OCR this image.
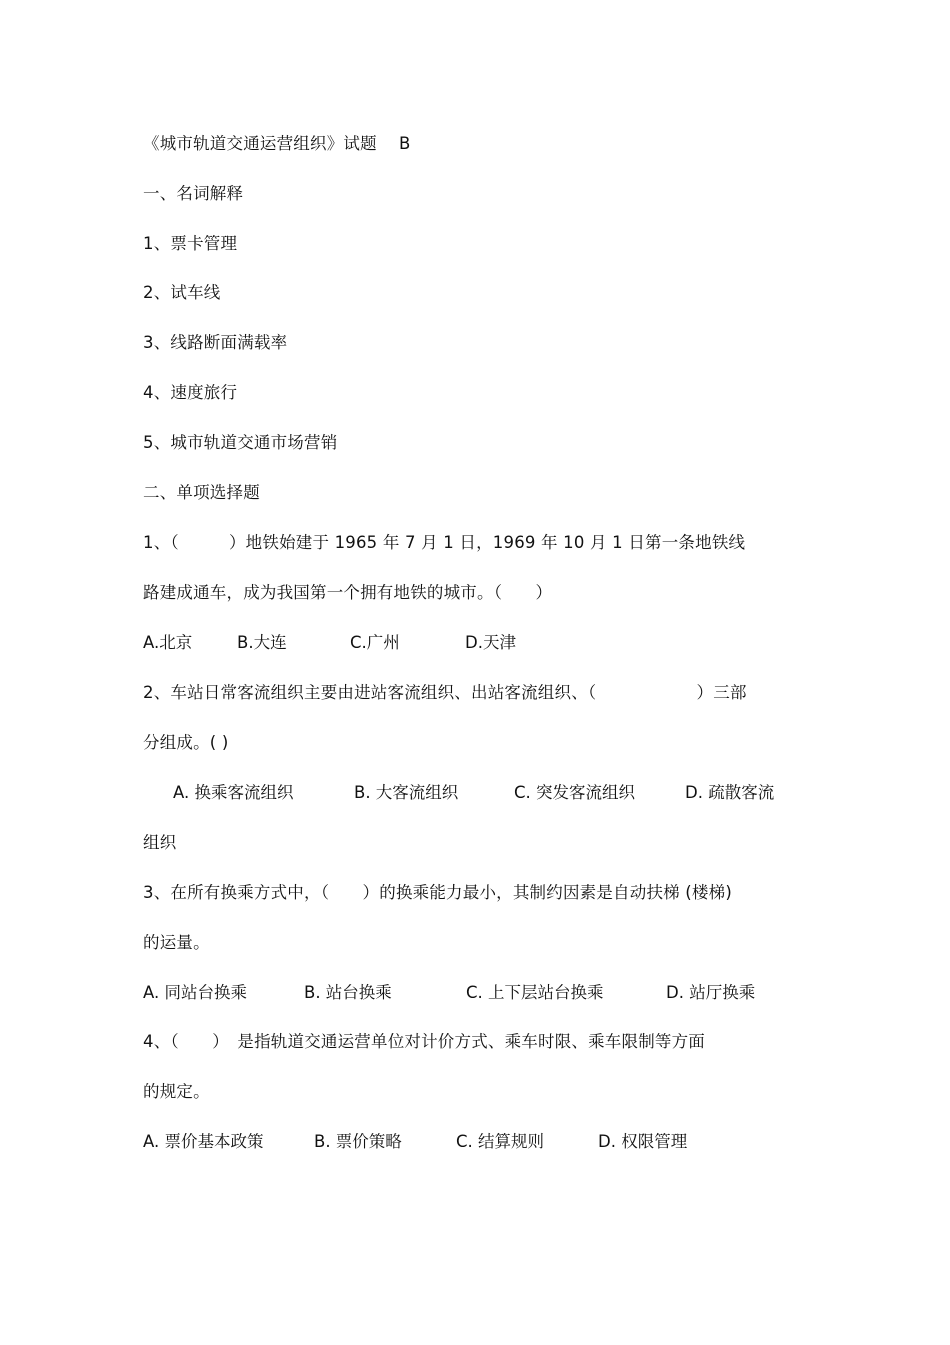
《城市轨道交通运营组织》试题　 B
一、名词解释
1、票卡管理
2、试车线
3、线路断面满载率
4、速度旅行
5、城市轨道交通市场营销
二、单项选择题
1、（　　　）地铁始建于 1965 年 7 月 1 日，1969 年 10 月 1 日第一条地铁线
路建成通车，成为我国第一个拥有地铁的城市。（　　）
A.北京	B.大连	C.广州	D.天津
2、车站日常客流组织主要由进站客流组织、出站客流组织、（　　　　　　）三部
分组成。( )
A. 换乘客流组织	B. 大客流组织	C. 突发客流组织	D. 疏散客流
组织
3、在所有换乘方式中，（　　）的换乘能力最小，其制约因素是自动扶梯 (楼梯)
的运量。
A. 同站台换乘	B. 站台换乘	C. 上下层站台换乘	D. 站厅换乘
4、（　　）　是指轨道交通运营单位对计价方式、乘车时限、乘车限制等方面
的规定。
A. 票价基本政策	B. 票价策略	C. 结算规则	D. 权限管理
